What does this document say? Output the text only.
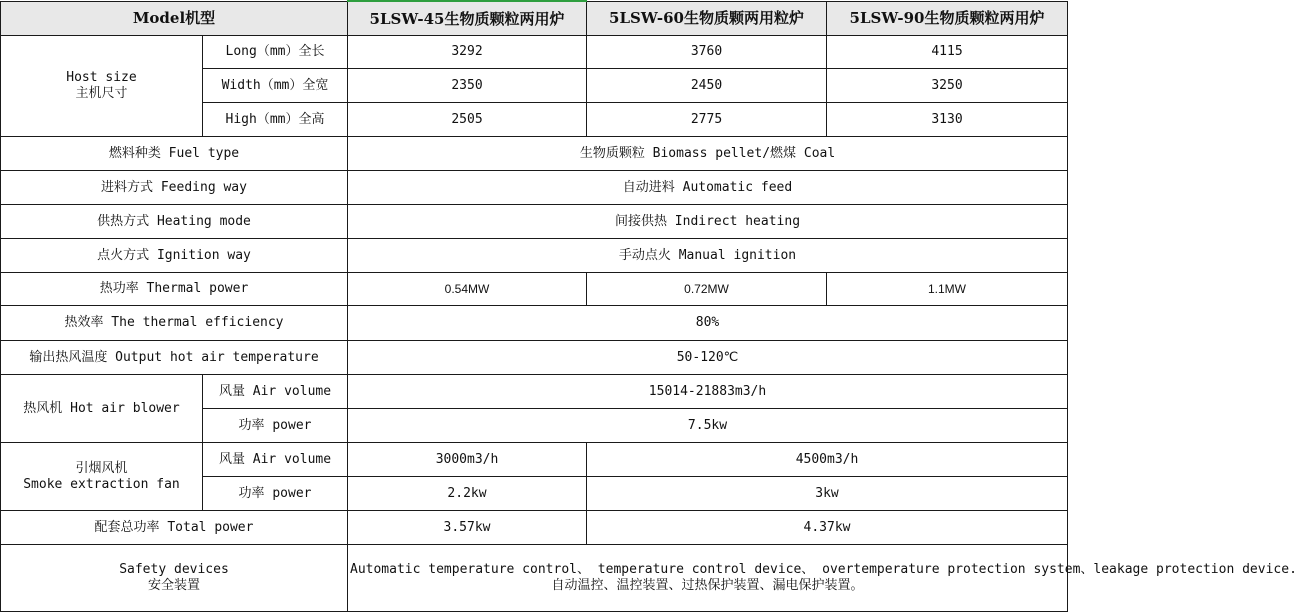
Model机型		5LSW-45生物质颗粒两用炉	5LSW-60生物质颗两用粒炉	5LSW-90生物质颗粒两用炉

Host size
主机尺寸	Long（mm）全长	3292	3760	4115
	Width（mm）全宽	2350	2450	3250
	High（mm）全高	2505	2775	3130
燃料种类 Fuel type		生物质颗粒 Biomass pellet/燃煤 Coal		
进料方式 Feeding way		自动进料 Automatic feed		
供热方式 Heating mode		间接供热 Indirect heating		
点火方式 Ignition way		手动点火 Manual ignition		
热功率 Thermal power		0.54MW	0.72MW	1.1MW
热效率 The thermal efficiency		80%		
输出热风温度 Output hot air temperature		50-120℃		
热风机 Hot air blower	风量 Air volume	15014-21883m3/h		
	功率 power	7.5kw		

引烟风机
Smoke extraction fan	风量 Air volume	3000m3/h	4500m3/h	
	功率 power	2.2kw	3kw	
配套总功率 Total power		3.57kw	4.37kw	

Safety devices
安全装置		Automatic temperature control、 temperature control device、 overtemperature protection system、leakage protection device.
自动温控、温控装置、过热保护装置、漏电保护装置。		
